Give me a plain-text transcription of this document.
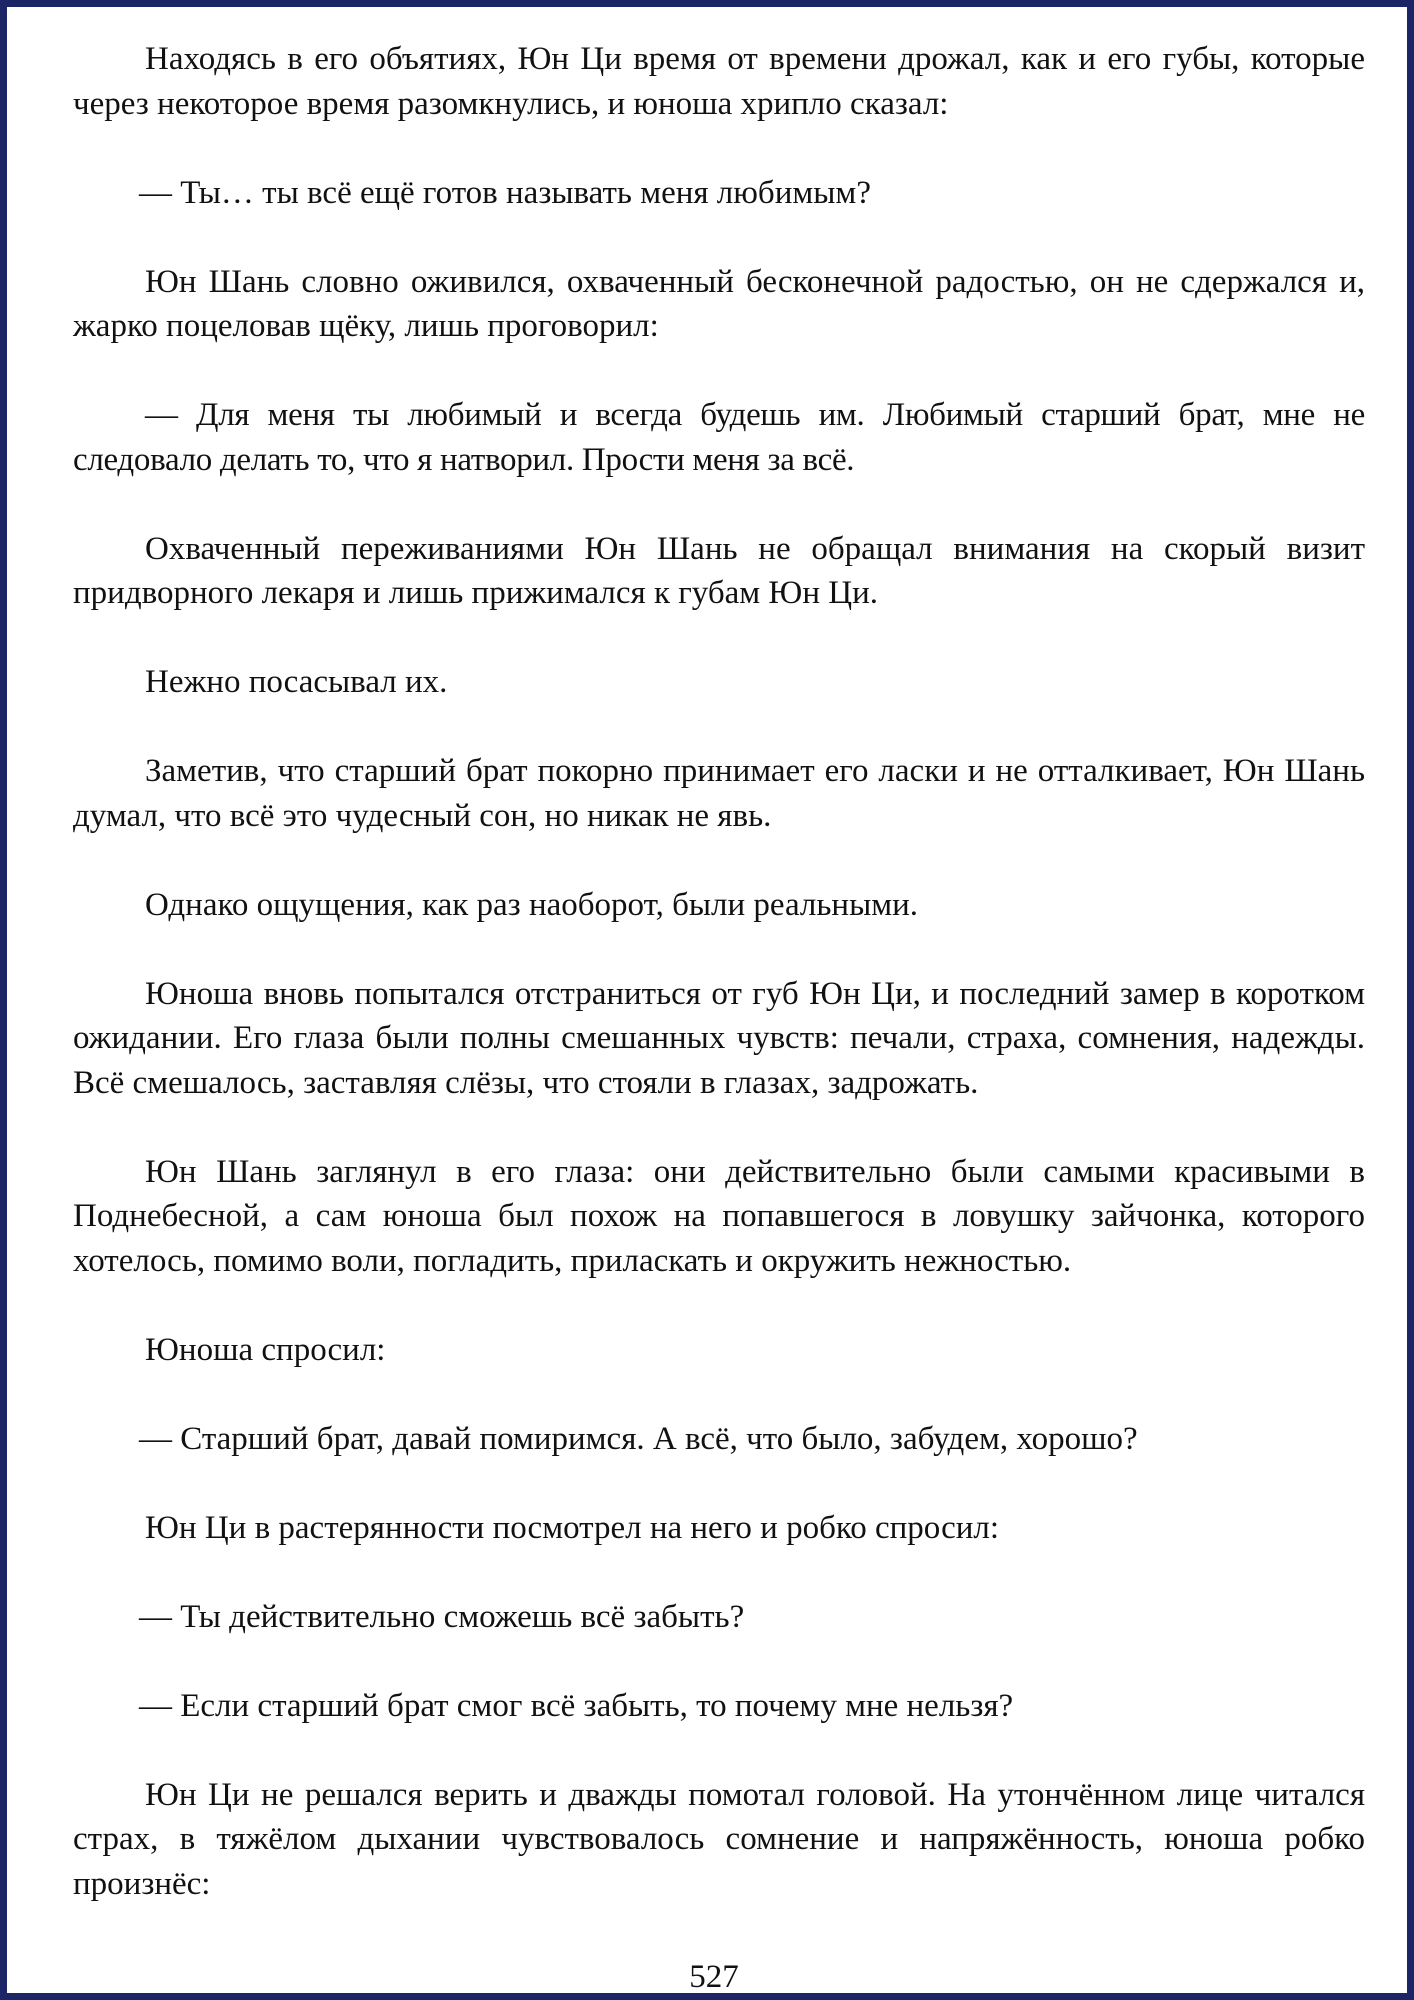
Находясь в его объятиях, Юн Ци время от времени дрожал, как и его губы, которые через некоторое время разомкнулись, и юноша хрипло сказал:

— Ты… ты всё ещё готов называть меня любимым?

Юн Шань словно оживился, охваченный бесконечной радостью, он не сдержался и, жарко поцеловав щёку, лишь проговорил:

— Для меня ты любимый и всегда будешь им. Любимый старший брат, мне не следовало делать то, что я натворил. Прости меня за всё.

Охваченный переживаниями Юн Шань не обращал внимания на скорый визит придворного лекаря и лишь прижимался к губам Юн Ци.

Нежно посасывал их.

Заметив, что старший брат покорно принимает его ласки и не отталкивает, Юн Шань думал, что всё это чудесный сон, но никак не явь.

Однако ощущения, как раз наоборот, были реальными.

Юноша вновь попытался отстраниться от губ Юн Ци, и последний замер в коротком ожидании. Его глаза были полны смешанных чувств: печали, страха, сомнения, надежды. Всё смешалось, заставляя слёзы, что стояли в глазах, задрожать.

Юн Шань заглянул в его глаза: они действительно были самыми красивыми в Поднебесной, а сам юноша был похож на попавшегося в ловушку зайчонка, которого хотелось, помимо воли, погладить, приласкать и окружить нежностью.

Юноша спросил:

— Старший брат, давай помиримся. А всё, что было, забудем, хорошо?

Юн Ци в растерянности посмотрел на него и робко спросил:

— Ты действительно сможешь всё забыть?

— Если старший брат смог всё забыть, то почему мне нельзя?

Юн Ци не решался верить и дважды помотал головой. На утончённом лице читался страх, в тяжёлом дыхании чувствовалось сомнение и напряжённость, юноша робко произнёс:

527
